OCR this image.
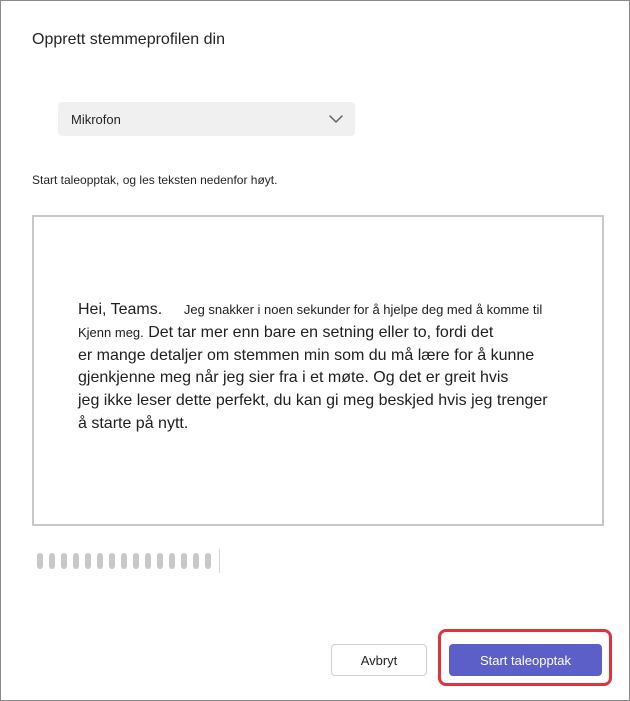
Opprett stemmeprofilen din
Mikrofon
Start taleopptak, og les teksten nedenfor høyt.
Hei, Teams.      Jeg snakker i noen sekunder for å hjelpe deg med å komme til
Kjenn meg. Det tar mer enn bare en setning eller to, fordi det
er mange detaljer om stemmen min som du må lære for å kunne
gjenkjenne meg når jeg sier fra i et møte. Og det er greit hvis
jeg ikke leser dette perfekt, du kan gi meg beskjed hvis jeg trenger
å starte på nytt.
Avbryt	Start taleopptak
